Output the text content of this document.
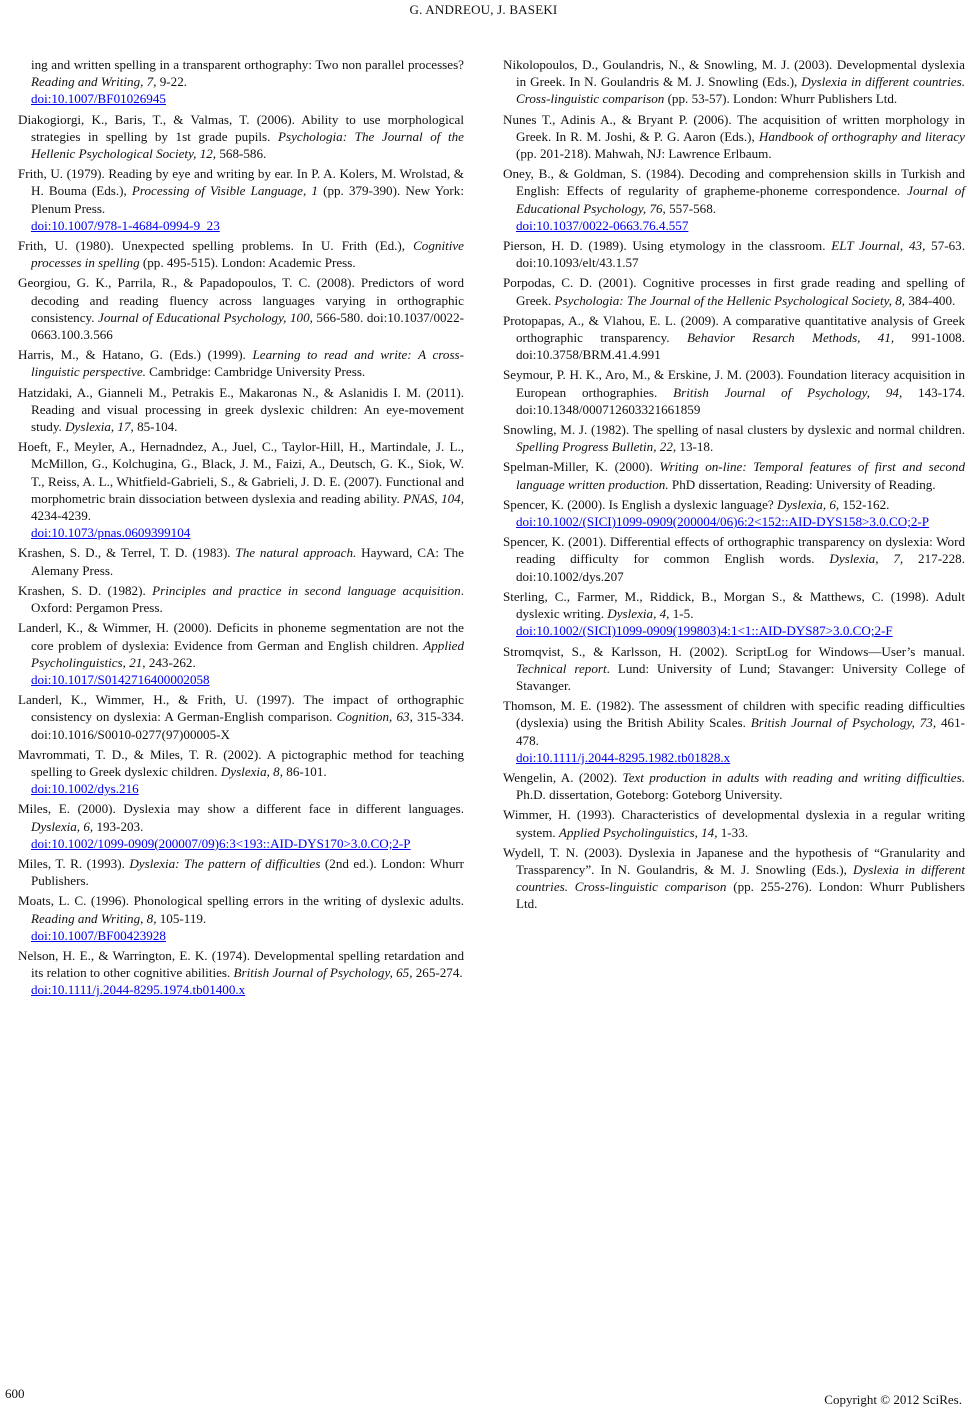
G. ANDREOU, J. BASEKI

ing and written spelling in a transparent orthography: Two non parallel processes? Reading and Writing, 7, 9-22.
doi:10.1007/BF01026945

Diakogiorgi, K., Baris, T., & Valmas, T. (2006). Ability to use morphological strategies in spelling by 1st grade pupils. Psychologia: The Journal of the Hellenic Psychological Society, 12, 568-586.

Frith, U. (1979). Reading by eye and writing by ear. In P. A. Kolers, M. Wrolstad, & H. Bouma (Eds.), Processing of Visible Language, 1 (pp. 379-390). New York: Plenum Press.
doi:10.1007/978-1-4684-0994-9_23

Frith, U. (1980). Unexpected spelling problems. In U. Frith (Ed.), Cognitive processes in spelling (pp. 495-515). London: Academic Press.

Georgiou, G. K., Parrila, R., & Papadopoulos, T. C. (2008). Predictors of word decoding and reading fluency across languages varying in orthographic consistency. Journal of Educational Psychology, 100, 566-580. doi:10.1037/0022-0663.100.3.566

Harris, M., & Hatano, G. (Eds.) (1999). Learning to read and write: A cross-linguistic perspective. Cambridge: Cambridge University Press.

Hatzidaki, A., Gianneli M., Petrakis E., Makaronas N., & Aslanidis I. M. (2011). Reading and visual processing in greek dyslexic children: An eye-movement study. Dyslexia, 17, 85-104.

Hoeft, F., Meyler, A., Hernadndez, A., Juel, C., Taylor-Hill, H., Martindale, J. L., McMillon, G., Kolchugina, G., Black, J. M., Faizi, A., Deutsch, G. K., Siok, W. T., Reiss, A. L., Whitfield-Gabrieli, S., & Gabrieli, J. D. E. (2007). Functional and morphometric brain dissociation between dyslexia and reading ability. PNAS, 104, 4234-4239.
doi:10.1073/pnas.0609399104

Krashen, S. D., & Terrel, T. D. (1983). The natural approach. Hayward, CA: The Alemany Press.

Krashen, S. D. (1982). Principles and practice in second language acquisition. Oxford: Pergamon Press.

Landerl, K., & Wimmer, H. (2000). Deficits in phoneme segmentation are not the core problem of dyslexia: Evidence from German and English children. Applied Psycholinguistics, 21, 243-262.
doi:10.1017/S0142716400002058

Landerl, K., Wimmer, H., & Frith, U. (1997). The impact of orthographic consistency on dyslexia: A German-English comparison. Cognition, 63, 315-334. doi:10.1016/S0010-0277(97)00005-X

Mavrommati, T. D., & Miles, T. R. (2002). A pictographic method for teaching spelling to Greek dyslexic children. Dyslexia, 8, 86-101.
doi:10.1002/dys.216

Miles, E. (2000). Dyslexia may show a different face in different languages. Dyslexia, 6, 193-203.
doi:10.1002/1099-0909(200007/09)6:3<193::AID-DYS170>3.0.CO;2-P

Miles, T. R. (1993). Dyslexia: The pattern of difficulties (2nd ed.). London: Whurr Publishers.

Moats, L. C. (1996). Phonological spelling errors in the writing of dyslexic adults. Reading and Writing, 8, 105-119.
doi:10.1007/BF00423928

Nelson, H. E., & Warrington, E. K. (1974). Developmental spelling retardation and its relation to other cognitive abilities. British Journal of Psychology, 65, 265-274.
doi:10.1111/j.2044-8295.1974.tb01400.x

Nikolopoulos, D., Goulandris, N., & Snowling, M. J. (2003). Developmental dyslexia in Greek. In N. Goulandris & M. J. Snowling (Eds.), Dyslexia in different countries. Cross-linguistic comparison (pp. 53-57). London: Whurr Publishers Ltd.

Nunes T., Adinis A., & Bryant P. (2006). The acquisition of written morphology in Greek. In R. M. Joshi, & P. G. Aaron (Eds.), Handbook of orthography and literacy (pp. 201-218). Mahwah, NJ: Lawrence Erlbaum.

Oney, B., & Goldman, S. (1984). Decoding and comprehension skills in Turkish and English: Effects of regularity of grapheme-phoneme correspondence. Journal of Educational Psychology, 76, 557-568.
doi:10.1037/0022-0663.76.4.557

Pierson, H. D. (1989). Using etymology in the classroom. ELT Journal, 43, 57-63. doi:10.1093/elt/43.1.57

Porpodas, C. D. (2001). Cognitive processes in first grade reading and spelling of Greek. Psychologia: The Journal of the Hellenic Psychological Society, 8, 384-400.

Protopapas, A., & Vlahou, E. L. (2009). A comparative quantitative analysis of Greek orthographic transparency. Behavior Resarch Methods, 41, 991-1008. doi:10.3758/BRM.41.4.991

Seymour, P. H. K., Aro, M., & Erskine, J. M. (2003). Foundation literacy acquisition in European orthographies. British Journal of Psychology, 94, 143-174. doi:10.1348/000712603321661859

Snowling, M. J. (1982). The spelling of nasal clusters by dyslexic and normal children. Spelling Progress Bulletin, 22, 13-18.

Spelman-Miller, K. (2000). Writing on-line: Temporal features of first and second language written production. PhD dissertation, Reading: University of Reading.

Spencer, K. (2000). Is English a dyslexic language? Dyslexia, 6, 152-162.
doi:10.1002/(SICI)1099-0909(200004/06)6:2<152::AID-DYS158>3.0.CO;2-P

Spencer, K. (2001). Differential effects of orthographic transparency on dyslexia: Word reading difficulty for common English words. Dyslexia, 7, 217-228. doi:10.1002/dys.207

Sterling, C., Farmer, M., Riddick, B., Morgan S., & Matthews, C. (1998). Adult dyslexic writing. Dyslexia, 4, 1-5.
doi:10.1002/(SICI)1099-0909(199803)4:1<1::AID-DYS87>3.0.CO;2-F

Stromqvist, S., & Karlsson, H. (2002). ScriptLog for Windows—User’s manual. Technical report. Lund: University of Lund; Stavanger: University College of Stavanger.

Thomson, M. E. (1982). The assessment of children with specific reading difficulties (dyslexia) using the British Ability Scales. British Journal of Psychology, 73, 461-478.
doi:10.1111/j.2044-8295.1982.tb01828.x

Wengelin, A. (2002). Text production in adults with reading and writing difficulties. Ph.D. dissertation, Goteborg: Goteborg University.

Wimmer, H. (1993). Characteristics of developmental dyslexia in a regular writing system. Applied Psycholinguistics, 14, 1-33.

Wydell, T. N. (2003). Dyslexia in Japanese and the hypothesis of “Granularity and Trassparency”. In N. Goulandris, & M. J. Snowling (Eds.), Dyslexia in different countries. Cross-linguistic comparison (pp. 255-276). London: Whurr Publishers Ltd.

600	Copyright © 2012 SciRes.
